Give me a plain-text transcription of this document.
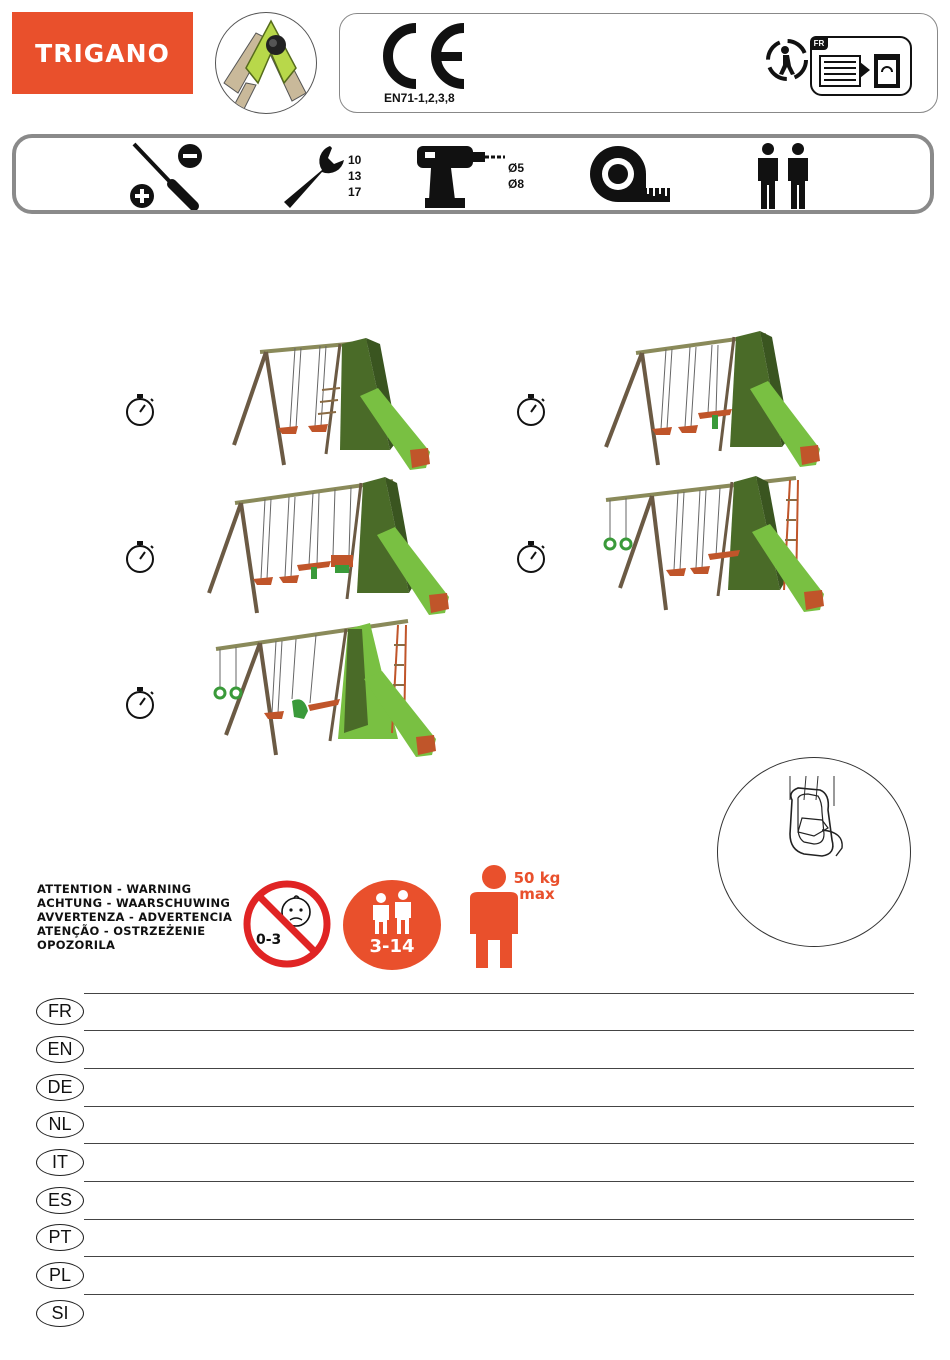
TRIGANO	FR
EN71-1,2,3,8
10
13
17
Ø5
Ø8
ATTENTION - WARNING
ACHTUNG - WAARSCHUWING
AVVERTENZA - ADVERTENCIA
ATENÇÃO - OSTRZEŻENIE
OPOZORILA	0-3	3-14
50 kg
max
FR
EN
DE
NL
IT
ES
PT
PL
SI
